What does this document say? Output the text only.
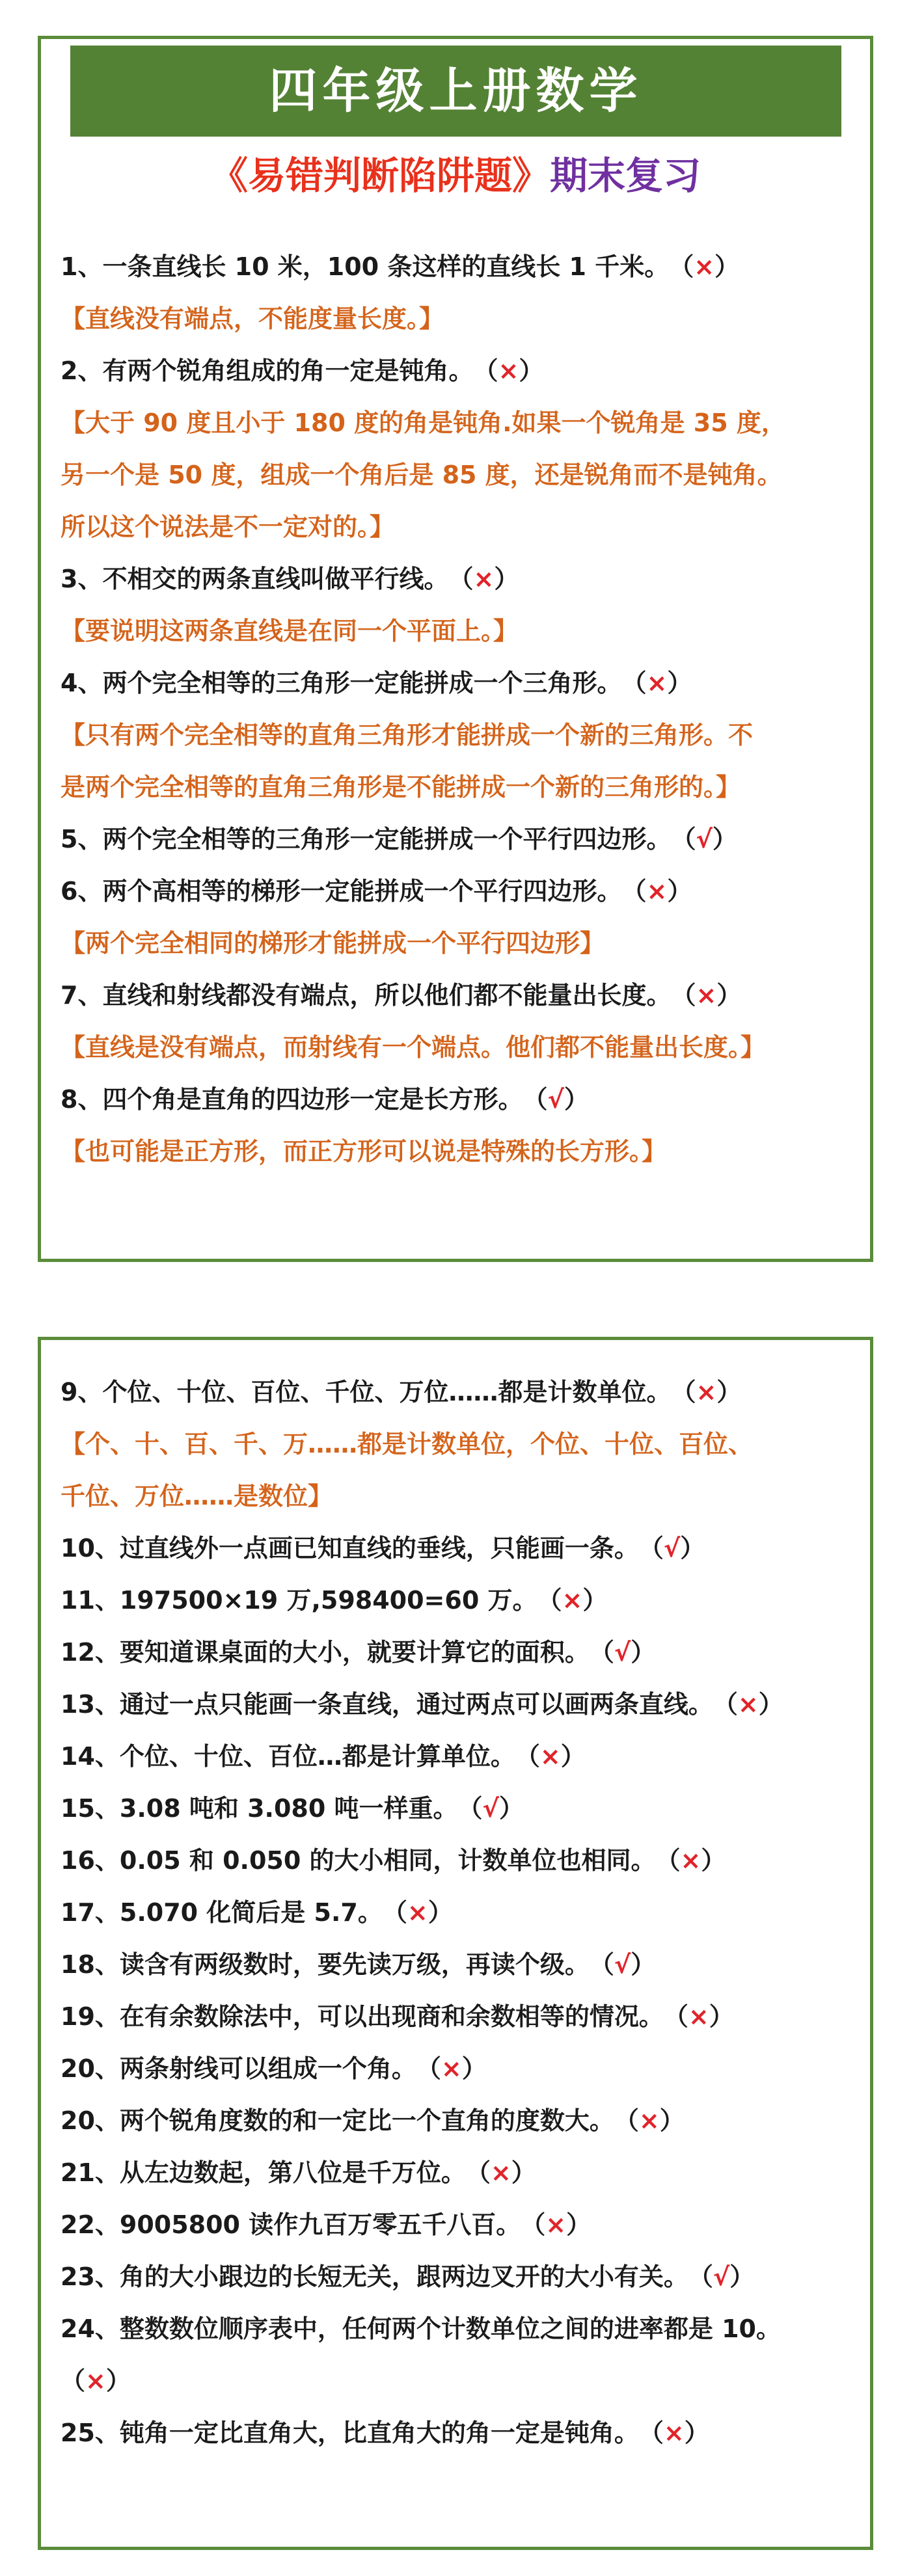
四年级上册数学
《易错判断陷阱题》期末复习
1、一条直线长 10 米，100 条这样的直线长 1 千米。（×）
【直线没有端点，不能度量长度。】
2、有两个锐角组成的角一定是钝角。（×）
【大于 90 度且小于 180 度的角是钝角.如果一个锐角是 35 度，
另一个是 50 度，组成一个角后是 85 度，还是锐角而不是钝角。
所以这个说法是不一定对的。】
3、不相交的两条直线叫做平行线。（×）
【要说明这两条直线是在同一个平面上。】
4、两个完全相等的三角形一定能拼成一个三角形。（×）
【只有两个完全相等的直角三角形才能拼成一个新的三角形。不
是两个完全相等的直角三角形是不能拼成一个新的三角形的。】
5、两个完全相等的三角形一定能拼成一个平行四边形。（√）
6、两个高相等的梯形一定能拼成一个平行四边形。（×）
【两个完全相同的梯形才能拼成一个平行四边形】
7、直线和射线都没有端点，所以他们都不能量出长度。（×）
【直线是没有端点，而射线有一个端点。他们都不能量出长度。】
8、四个角是直角的四边形一定是长方形。（√）
【也可能是正方形，而正方形可以说是特殊的长方形。】
9、个位、十位、百位、千位、万位……都是计数单位。（×）
【个、十、百、千、万……都是计数单位，个位、十位、百位、
千位、万位……是数位】
10、过直线外一点画已知直线的垂线，只能画一条。（√）
11、197500×19 万,598400=60 万。（×）
12、要知道课桌面的大小，就要计算它的面积。（√）
13、通过一点只能画一条直线，通过两点可以画两条直线。（×）
14、个位、十位、百位…都是计算单位。（×）
15、3.08 吨和 3.080 吨一样重。（√）
16、0.05 和 0.050 的大小相同，计数单位也相同。（×）
17、5.070 化简后是 5.7。（×）
18、读含有两级数时，要先读万级，再读个级。（√）
19、在有余数除法中，可以出现商和余数相等的情况。（×）
20、两条射线可以组成一个角。（×）
20、两个锐角度数的和一定比一个直角的度数大。（×）
21、从左边数起，第八位是千万位。（×）
22、9005800 读作九百万零五千八百。（×）
23、角的大小跟边的长短无关，跟两边叉开的大小有关。（√）
24、整数数位顺序表中，任何两个计数单位之间的进率都是 10。
（×）
25、钝角一定比直角大，比直角大的角一定是钝角。（×）
